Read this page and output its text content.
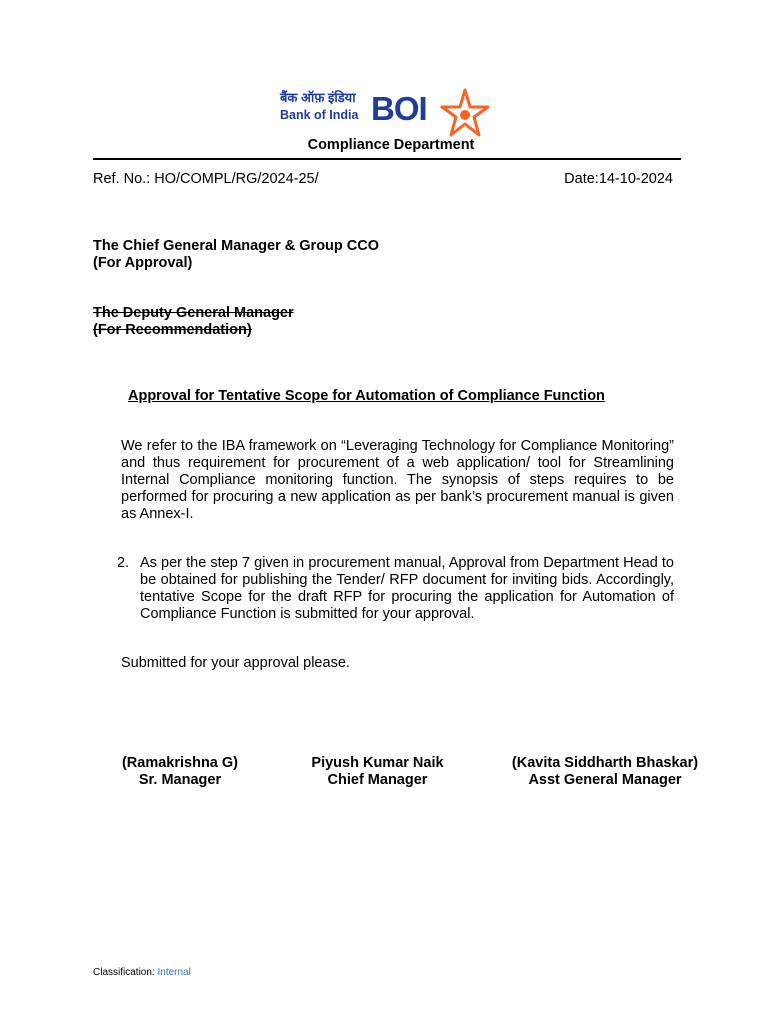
बैंक ऑफ़ इंडिया
Bank of India BOI
Compliance Department
Ref. No.: HO/COMPL/RG/2024-25/	Date:14-10-2024
The Chief General Manager & Group CCO
(For Approval)
The Deputy General Manager
(For Recommendation)
Approval for Tentative Scope for Automation of Compliance Function
We refer to the IBA framework on “Leveraging Technology for Compliance Monitoring” and thus requirement for procurement of a web application/ tool for Streamlining Internal Compliance monitoring function. The synopsis of steps requires to be performed for procuring a new application as per bank’s procurement manual is given as Annex-I.
2. As per the step 7 given in procurement manual, Approval from Department Head to be obtained for publishing the Tender/ RFP document for inviting bids. Accordingly, tentative Scope for the draft RFP for procuring the application for Automation of Compliance Function is submitted for your approval.
Submitted for your approval please.
(Ramakrishna G)
Sr. Manager
Piyush Kumar Naik
Chief Manager
(Kavita Siddharth Bhaskar)
Asst General Manager
Classification: Internal
